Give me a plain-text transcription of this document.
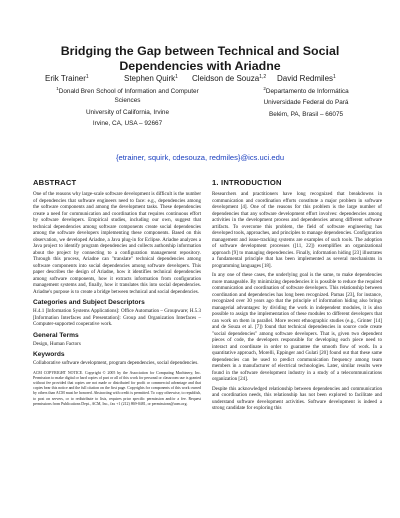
Bridging the Gap between Technical and Social
Dependencies with Ariadne
Erik Trainer$^1$	Stephen Quirk$^1$ Cleidson de Souza$^{1,2}$ David Redmiles$^1$
$^1$Donald Bren School of Information and Computer
Sciences
University of California, Irvine
Irvine, CA, USA – 92667
$^2$Departamento de Informática
Universidade Federal do Pará
Belém, PA, Brasil – 66075
{etrainer, squirk, cdesouza, redmiles}@ics.uci.edu
ABSTRACT
One of the reasons why large-scale software development is difficult is the number of dependencies that software engineers need to face: e.g., dependencies among the software components and among the development tasks. These dependencies create a need for communication and coordination that requires continuous effort by software developers. Empirical studies, including our own, suggest that technical dependencies among software components create social dependencies among the software developers implementing these components. Based on this observation, we developed Ariadne, a Java plug-in for Eclipse. Ariadne analyzes a Java project to identify program dependencies and collects authorship information about the project by connecting to a configuration management repository. Through this process, Ariadne can "translate" technical dependencies among software components into social dependencies among software developers. This paper describes the design of Ariadne, how it identifies technical dependencies among software components, how it extracts information from configuration management systems and, finally, how it translates this into social dependencies. Ariadne's purpose is to create a bridge between technical and social dependencies.
Categories and Subject Descriptors
H.4.1 [Information Systems Applications]: Office Automation – Groupware; H.5.3 [Information Interfaces and Presentation]: Group and Organization Interfaces – Computer-supported cooperative work.
General Terms
Design, Human Factors
Keywords
Collaborative software development, program dependencies, social dependencies.
ACM COPYRIGHT NOTICE. Copyright © 2005 by the Association for Computing Machinery, Inc. Permission to make digital or hard copies of part or all of this work for personal or classroom use is granted without fee provided that copies are not made or distributed for profit or commercial advantage and that copies bear this notice and the full citation on the first page. Copyrights for components of this work owned by others than ACM must be honored. Abstracting with credit is permitted. To copy otherwise, to republish, to post on servers, or to redistribute to lists, requires prior specific permission and/or a fee. Request permissions from Publications Dept., ACM, Inc., fax +1 (212) 869-0481, or permissions@acm.org.
1. INTRODUCTION
Researchers and practitioners have long recognized that breakdowns in communication and coordination efforts constitute a major problem in software development [4]. One of the reasons for this problem is the large number of dependencies that any software development effort involves: dependencies among activities in the development process and dependencies among different software artifacts. To overcome this problem, the field of software engineering has developed tools, approaches, and principles to manage dependencies. Configuration management and issue-tracking systems are examples of such tools. The adoption of software development processes ([11, 22]) exemplifies an organizational approach [9] to managing dependencies. Finally, information hiding [23] illustrates a fundamental principle that has been implemented as several mechanisms in programming languages [18].
In any one of these cases, the underlying goal is the same, to make dependencies more manageable. By minimizing dependencies it is possible to reduce the required communication and coordination of software developers. This relationship between coordination and dependencies has long been recognized. Parnas [23], for instance, recognized over 30 years ago that the principle of information hiding also brings managerial advantages: by dividing the work in independent modules, it is also possible to assign the implementation of these modules to different developers that can work on them in parallel. More recent ethnographic studies (e.g., Grinter [14] and de Souza et al. [7]) found that technical dependencies in source code create "social dependencies" among software developers. That is, given two dependent pieces of code, the developers responsible for developing each piece need to interact and coordinate in order to guarantee the smooth flow of work. In a quantitative approach, Morelli, Eppinger and Gulati [20] found out that these same dependencies can be used to predict communication frequency among team members in a manufacturer of electrical technologies. Later, similar results were found in the software development industry in a study of a telecommunications organization [24].
Despite this acknowledged relationship between dependencies and communication and coordination needs, this relationship has not been explored to facilitate and understand software development activities. Software development is indeed a strong candidate for exploring this
